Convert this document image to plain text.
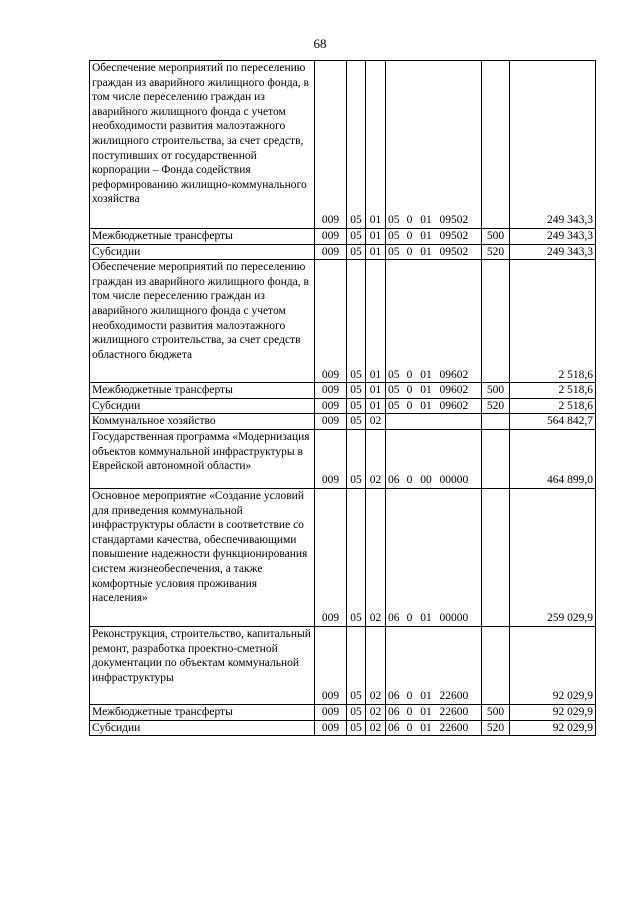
68
Обеспечение мероприятий по переселению граждан из аварийного жилищного фонда, в том числе переселению граждан из аварийного жилищного фонда с учетом необходимости развития малоэтажного жилищного строительства, за счет средств, поступивших от государственной корпорации – Фонда содействия реформированию жилищно-коммунального хозяйства	009	05	01	05	0	01	09502		249 343,3
Межбюджетные трансферты	009	05	01	05	0	01	09502	500	249 343,3
Субсидии	009	05	01	05	0	01	09502	520	249 343,3
Обеспечение мероприятий по переселению граждан из аварийного жилищного фонда, в том числе переселению граждан из аварийного жилищного фонда с учетом необходимости развития малоэтажного жилищного строительства, за счет средств областного бюджета	009	05	01	05	0	01	09602		2 518,6
Межбюджетные трансферты	009	05	01	05	0	01	09602	500	2 518,6
Субсидии	009	05	01	05	0	01	09602	520	2 518,6
Коммунальное хозяйство	009	05	02						564 842,7
Государственная программа «Модернизация объектов коммунальной инфраструктуры в Еврейской автономной области»	009	05	02	06	0	00	00000		464 899,0
Основное мероприятие «Создание условий для приведения коммунальной инфраструктуры области в соответствие со стандартами качества, обеспечивающими повышение надежности функционирования систем жизнеобеспечения, а также комфортные условия проживания населения»	009	05	02	06	0	01	00000		259 029,9
Реконструкция, строительство, капитальный ремонт, разработка проектно-сметной документации по объектам коммунальной инфраструктуры	009	05	02	06	0	01	22600		92 029,9
Межбюджетные трансферты	009	05	02	06	0	01	22600	500	92 029,9
Субсидии	009	05	02	06	0	01	22600	520	92 029,9
